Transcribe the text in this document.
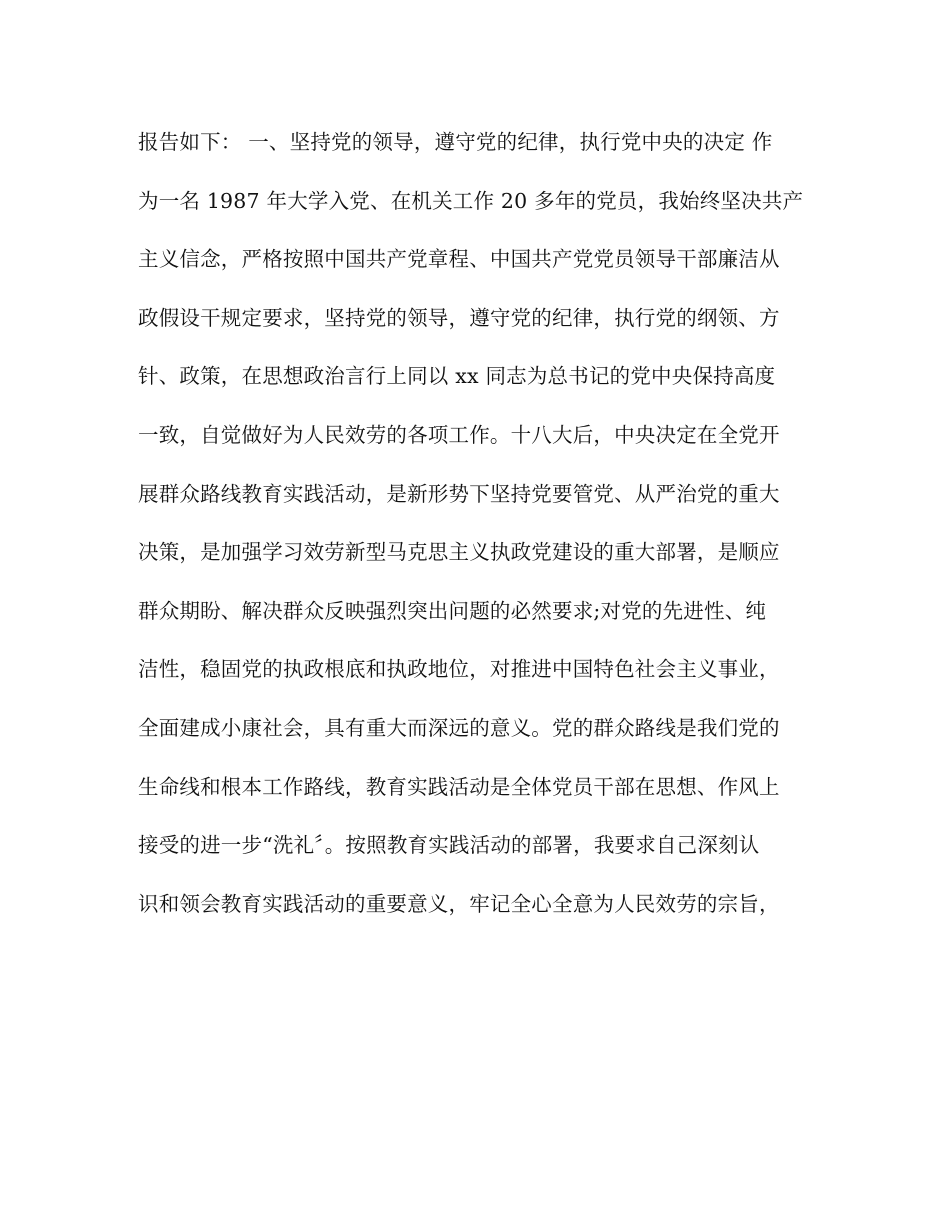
报告如下： 一、坚持党的领导，遵守党的纪律，执行党中央的决定 作
为一名 1987 年大学入党、在机关工作 20 多年的党员，我始终坚决共产
主义信念，严格按照中国共产党章程、中国共产党党员领导干部廉洁从
政假设干规定要求，坚持党的领导，遵守党的纪律，执行党的纲领、方
针、政策，在思想政治言行上同以 xx 同志为总书记的党中央保持高度
一致，自觉做好为人民效劳的各项工作。十八大后，中央决定在全党开
展群众路线教育实践活动，是新形势下坚持党要管党、从严治党的重大
决策，是加强学习效劳新型马克思主义执政党建设的重大部署，是顺应
群众期盼、解决群众反映强烈突出问题的必然要求;对党的先进性、纯
洁性，稳固党的执政根底和执政地位，对推进中国特色社会主义事业，
全面建成小康社会，具有重大而深远的意义。党的群众路线是我们党的
生命线和根本工作路线，教育实践活动是全体党员干部在思想、作风上
接受的进一步“洗礼〞。按照教育实践活动的部署，我要求自己深刻认
识和领会教育实践活动的重要意义，牢记全心全意为人民效劳的宗旨，
